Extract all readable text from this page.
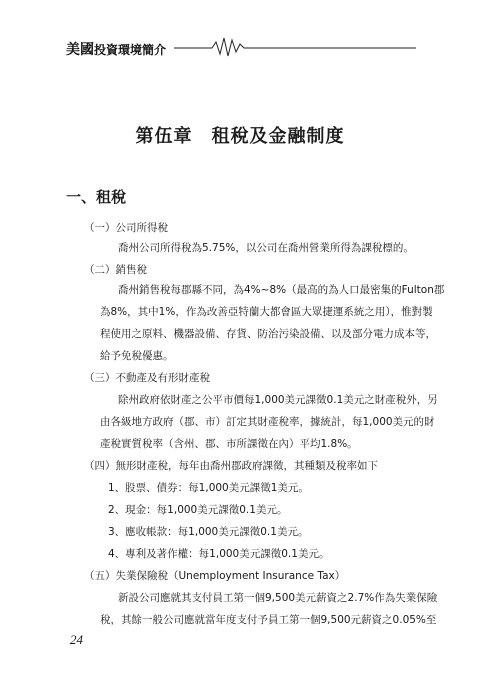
美國投資環境簡介
第伍章　租稅及金融制度
一、租稅
（一）公司所得稅
喬州公司所得稅為5.75%，以公司在喬州營業所得為課稅標的。
（二）銷售稅
喬州銷售稅每郡縣不同，為4%~8%（最高的為人口最密集的Fulton郡
為8%，其中1%，作為改善亞特蘭大都會區大眾捷運系統之用），惟對製
程使用之原料、機器設備、存貨、防治污染設備、以及部分電力成本等，
給予免稅優惠。
（三）不動產及有形財產稅
除州政府依財產之公平市價每1,000美元課徵0.1美元之財產稅外，另
由各級地方政府（郡、市）訂定其財產稅率，據統計，每1,000美元的財
產稅實質稅率（含州、郡、市所課徵在內）平均1.8%。
（四）無形財產稅，每年由喬州郡政府課徵，其種類及稅率如下
1、股票、債券：每1,000美元課徵1美元。
2、現金：每1,000美元課徵0.1美元。
3、應收帳款：每1,000美元課徵0.1美元。
4、專利及著作權：每1,000美元課徵0.1美元。
（五）失業保險稅（Unemployment Insurance Tax）
新設公司應就其支付員工第一個9,500美元薪資之2.7%作為失業保險
稅，其餘一般公司應就當年度支付予員工第一個9,500元薪資之0.05%至
24
